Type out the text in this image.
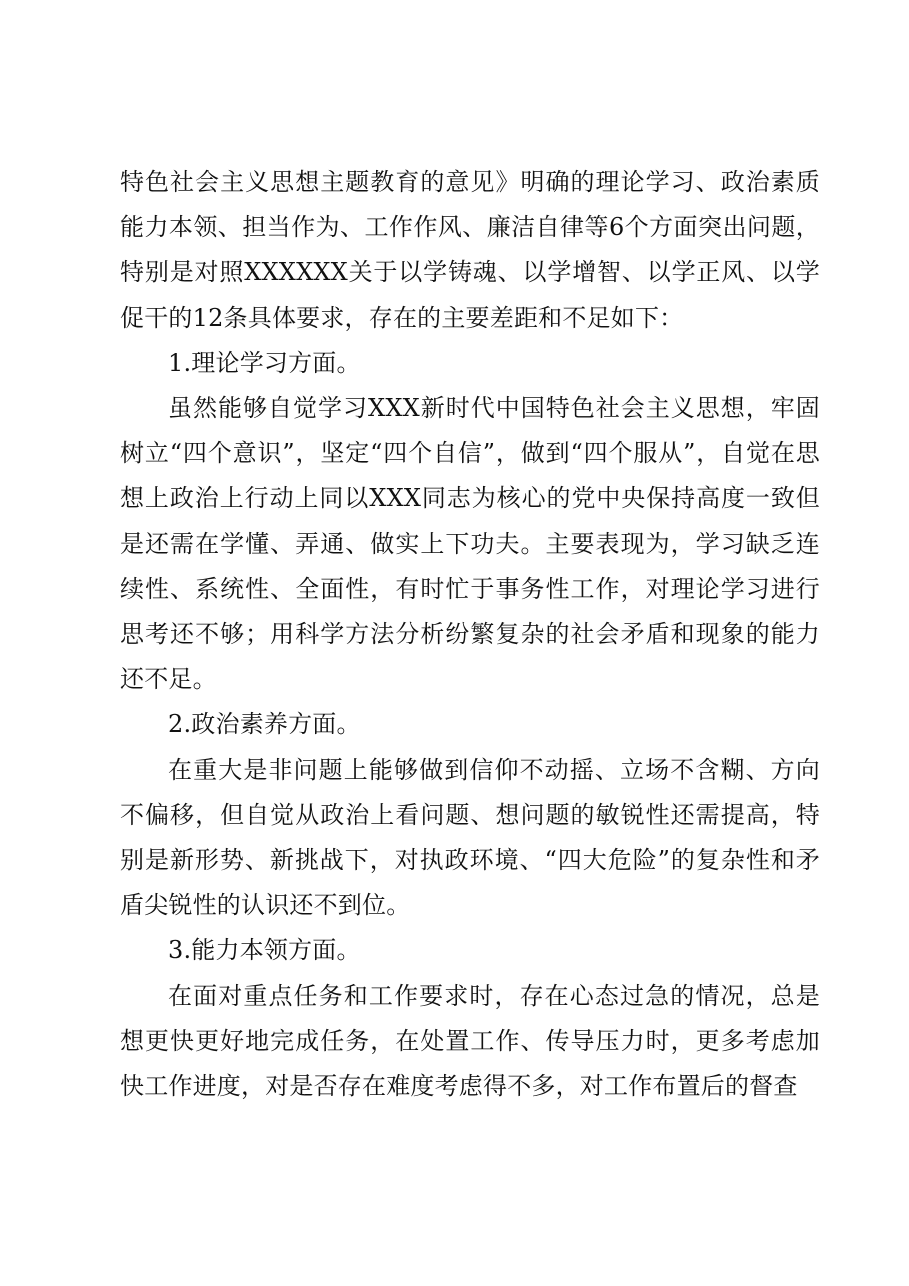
特色社会主义思想主题教育的意见》明确的理论学习、政治素质能力本领、担当作为、工作作风、廉洁自律等6个方面突出问题，特别是对照XXXXXX关于以学铸魂、以学增智、以学正风、以学促干的12条具体要求，存在的主要差距和不足如下：

1.理论学习方面。

虽然能够自觉学习XXX新时代中国特色社会主义思想，牢固树立“四个意识”，坚定“四个自信”，做到“四个服从”，自觉在思想上政治上行动上同以XXX同志为核心的党中央保持高度一致但是还需在学懂、弄通、做实上下功夫。主要表现为，学习缺乏连续性、系统性、全面性，有时忙于事务性工作，对理论学习进行思考还不够；用科学方法分析纷繁复杂的社会矛盾和现象的能力还不足。

2.政治素养方面。

在重大是非问题上能够做到信仰不动摇、立场不含糊、方向不偏移，但自觉从政治上看问题、想问题的敏锐性还需提高，特别是新形势、新挑战下，对执政环境、“四大危险”的复杂性和矛盾尖锐性的认识还不到位。

3.能力本领方面。

在面对重点任务和工作要求时，存在心态过急的情况，总是想更快更好地完成任务，在处置工作、传导压力时，更多考虑加快工作进度，对是否存在难度考虑得不多，对工作布置后的督查
